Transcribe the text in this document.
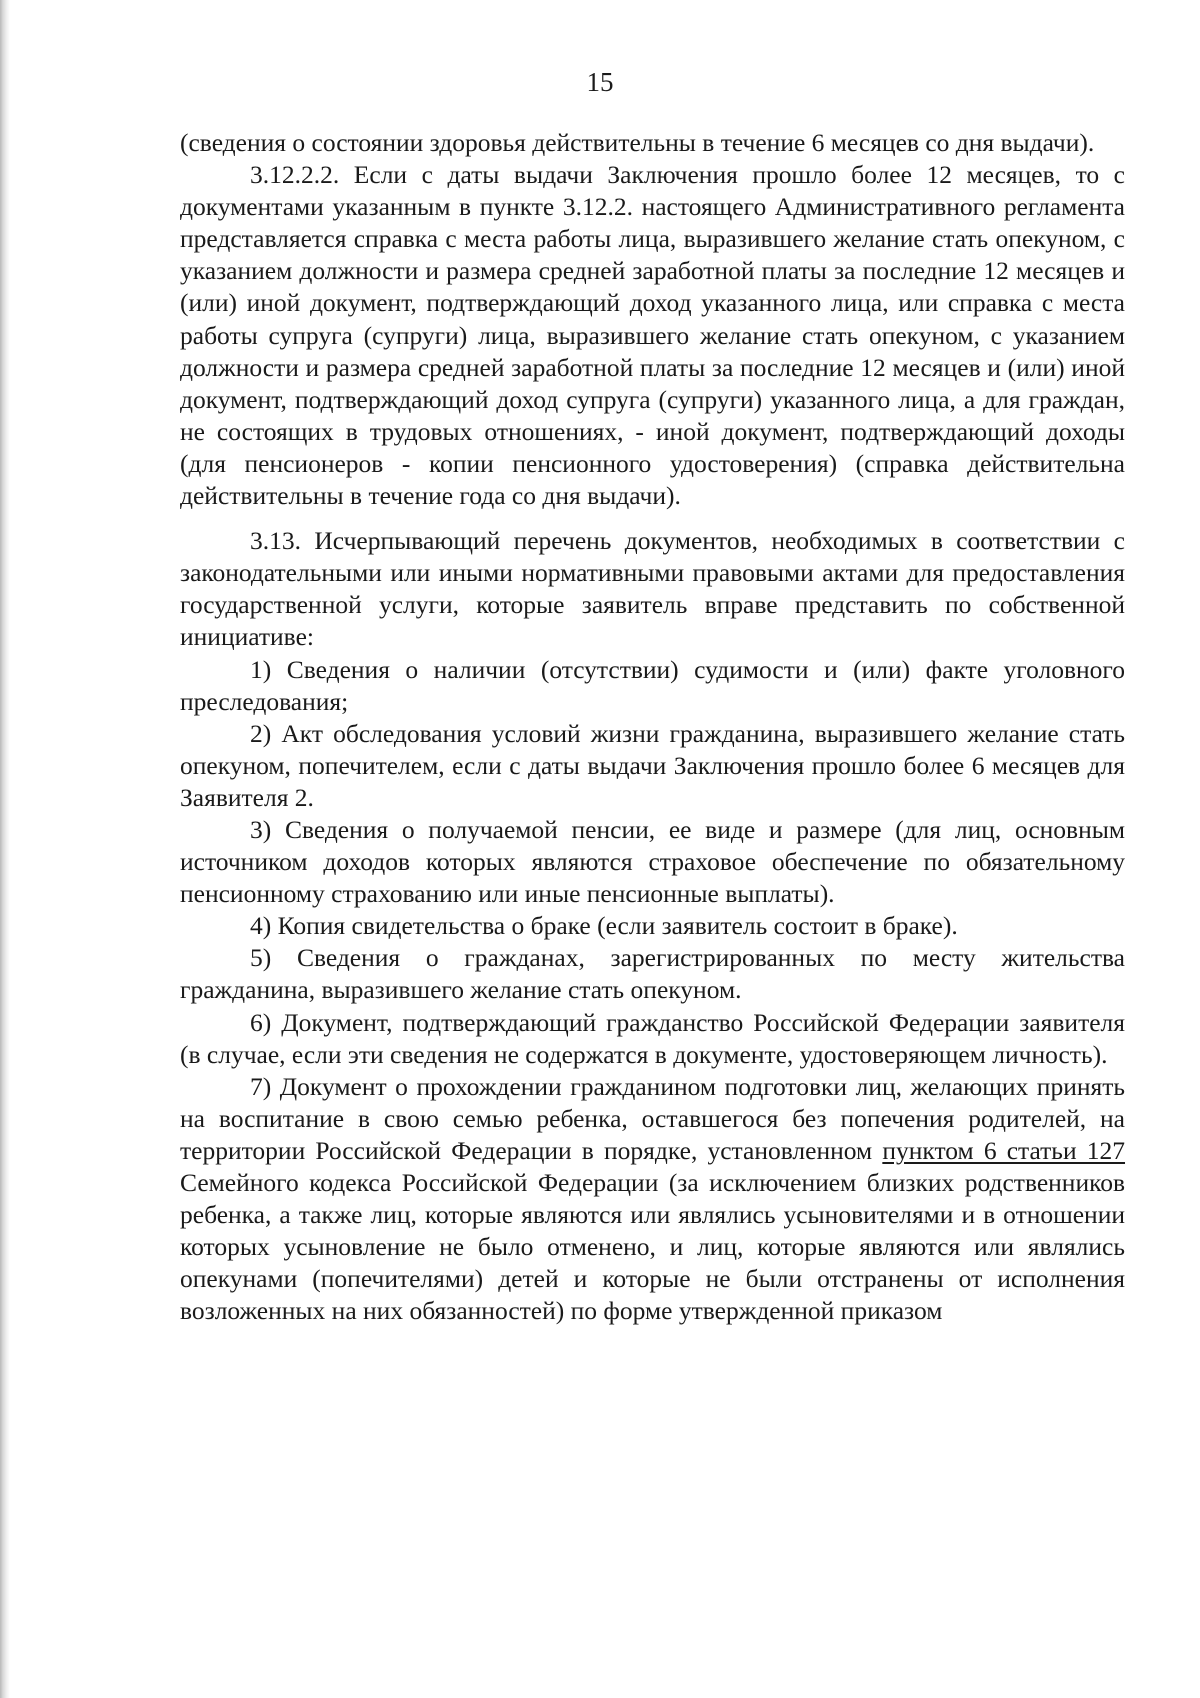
15

(сведения о состоянии здоровья действительны в течение 6 месяцев со дня выдачи).

3.12.2.2. Если с даты выдачи Заключения прошло более 12 месяцев, то с документами указанным в пункте 3.12.2. настоящего Административного регламента представляется справка с места работы лица, выразившего желание стать опекуном, с указанием должности и размера средней заработной платы за последние 12 месяцев и (или) иной документ, подтверждающий доход указанного лица, или справка с места работы супруга (супруги) лица, выразившего желание стать опекуном, с указанием должности и размера средней заработной платы за последние 12 месяцев и (или) иной документ, подтверждающий доход супруга (супруги) указанного лица, а для граждан, не состоящих в трудовых отношениях, - иной документ, подтверждающий доходы (для пенсионеров - копии пенсионного удостоверения) (справка действительна действительны в течение года со дня выдачи).

3.13. Исчерпывающий перечень документов, необходимых в соответствии с законодательными или иными нормативными правовыми актами для предоставления государственной услуги, которые заявитель вправе представить по собственной инициативе:

1) Сведения о наличии (отсутствии) судимости и (или) факте уголовного преследования;

2) Акт обследования условий жизни гражданина, выразившего желание стать опекуном, попечителем, если с даты выдачи Заключения прошло более 6 месяцев для Заявителя 2.

3) Сведения о получаемой пенсии, ее виде и размере (для лиц, основным источником доходов которых являются страховое обеспечение по обязательному пенсионному страхованию или иные пенсионные выплаты).

4) Копия свидетельства о браке (если заявитель состоит в браке).

5) Сведения о гражданах, зарегистрированных по месту жительства гражданина, выразившего желание стать опекуном.

6) Документ, подтверждающий гражданство Российской Федерации заявителя (в случае, если эти сведения не содержатся в документе, удостоверяющем личность).

7) Документ о прохождении гражданином подготовки лиц, желающих принять на воспитание в свою семью ребенка, оставшегося без попечения родителей, на территории Российской Федерации в порядке, установленном пунктом 6 статьи 127 Семейного кодекса Российской Федерации (за исключением близких родственников ребенка, а также лиц, которые являются или являлись усыновителями и в отношении которых усыновление не было отменено, и лиц, которые являются или являлись опекунами (попечителями) детей и которые не были отстранены от исполнения возложенных на них обязанностей) по форме утвержденной приказом
